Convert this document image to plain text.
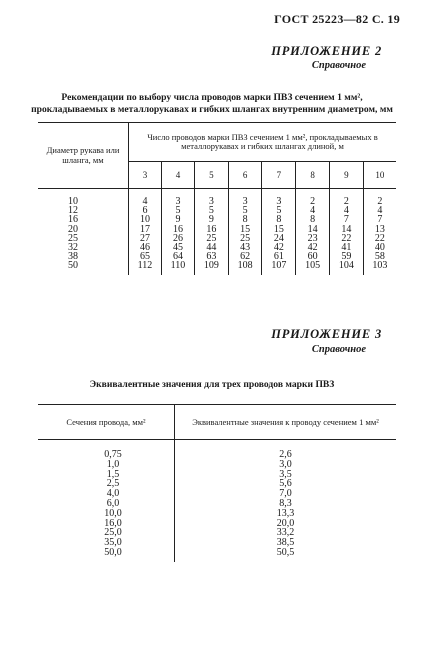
ГОСТ 25223—82 С. 19
ПРИЛОЖЕНИЕ 2
Справочное
Рекомендации по выбору числа проводов марки ПВЗ сечением 1 мм²,
прокладываемых в металлорукавах и гибких шлангах внутренним диаметром, мм
Диаметр рукава или шланга, мм	Число проводов марки ПВЗ сечением 1 мм², прокладываемых в металлорукавах и гибких шлангах длиной, м							
	3	4	5	6	7	8	9	10
10	4	3	3	3	3	2	2	2
12	6	5	5	5	5	4	4	4
16	10	9	9	8	8	8	7	7
20	17	16	16	15	15	14	14	13
25	27	26	25	25	24	23	22	22
32	46	45	44	43	42	42	41	40
38	65	64	63	62	61	60	59	58
50	112	110	109	108	107	105	104	103
ПРИЛОЖЕНИЕ 3
Справочное
Эквивалентные значения для трех проводов марки ПВЗ
Сечения провода, мм²	Эквивалентные значения к проводу сечением 1 мм²
0,75	2,6
1,0	3,0
1,5	3,5
2,5	5,6
4,0	7,0
6,0	8,3
10,0	13,3
16,0	20,0
25,0	33,2
35,0	38,5
50,0	50,5
